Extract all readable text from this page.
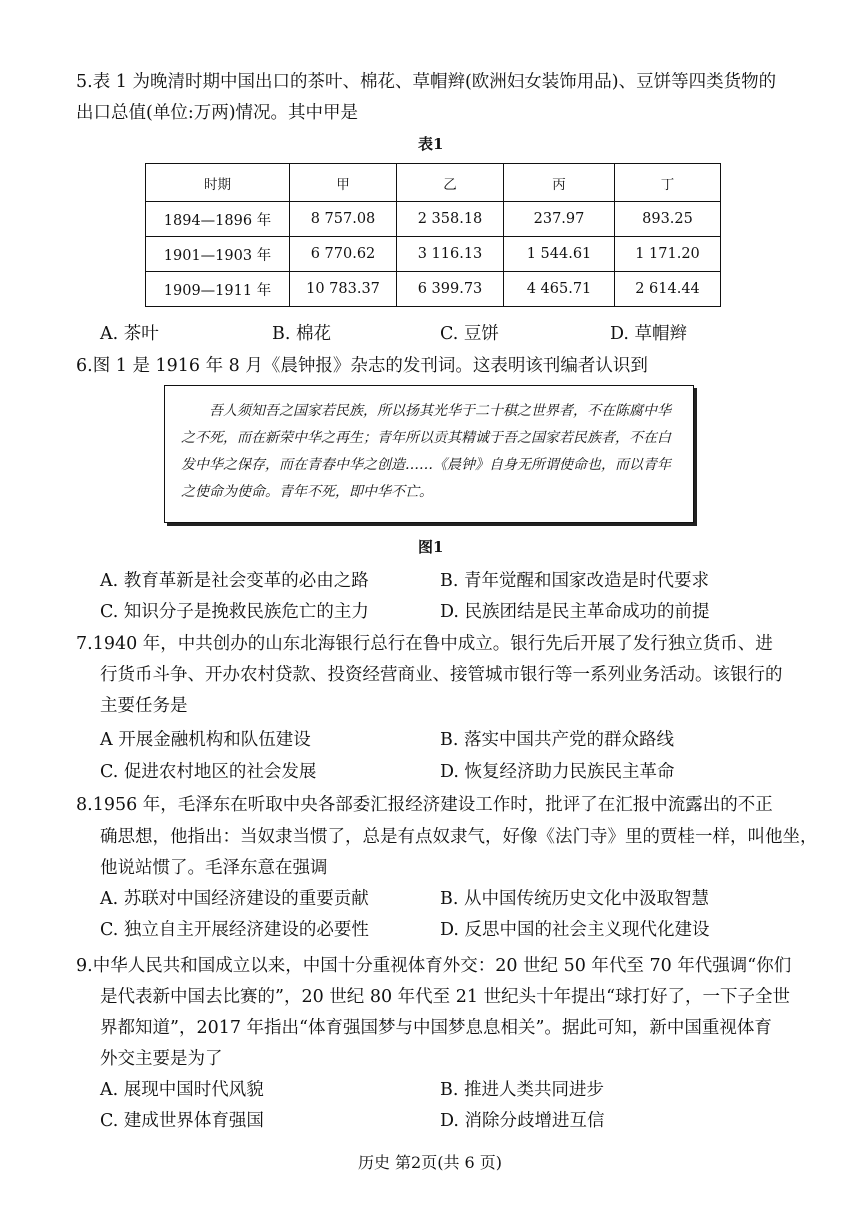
5.表 1 为晚清时期中国出口的茶叶、棉花、草帽辫(欧洲妇女装饰用品)、豆饼等四类货物的
出口总值(单位:万两)情况。其中甲是
表1
时期	甲	乙	丙	丁
1894—1896 年	8 757.08	2 358.18	237.97	893.25
1901—1903 年	6 770.62	3 116.13	1 544.61	1 171.20
1909—1911 年	10 783.37	6 399.73	4 465.71	2 614.44
A. 茶叶	B. 棉花	C. 豆饼	D. 草帽辫
6.图 1 是 1916 年 8 月《晨钟报》杂志的发刊词。这表明该刊编者认识到

吾人须知吾之国家若民族，所以扬其光华于二十稘之世界者，不在陈腐中华之不死，而在新荣中华之再生；青年所以贡其精诚于吾之国家若民族者，不在白发中华之保存，而在青春中华之创造……《晨钟》自身无所谓使命也，而以青年之使命为使命。青年不死，即中华不亡。

图1
A. 教育革新是社会变革的必由之路	B. 青年觉醒和国家改造是时代要求
C. 知识分子是挽救民族危亡的主力	D. 民族团结是民主革命成功的前提
7.1940 年，中共创办的山东北海银行总行在鲁中成立。银行先后开展了发行独立货币、进
行货币斗争、开办农村贷款、投资经营商业、接管城市银行等一系列业务活动。该银行的
主要任务是
A 开展金融机构和队伍建设	B. 落实中国共产党的群众路线
C. 促进农村地区的社会发展	D. 恢复经济助力民族民主革命
8.1956 年，毛泽东在听取中央各部委汇报经济建设工作时，批评了在汇报中流露出的不正
确思想，他指出：当奴隶当惯了，总是有点奴隶气，好像《法门寺》里的贾桂一样，叫他坐，
他说站惯了。毛泽东意在强调
A. 苏联对中国经济建设的重要贡献	B. 从中国传统历史文化中汲取智慧
C. 独立自主开展经济建设的必要性	D. 反思中国的社会主义现代化建设
9.中华人民共和国成立以来，中国十分重视体育外交：20 世纪 50 年代至 70 年代强调“你们
是代表新中国去比赛的”，20 世纪 80 年代至 21 世纪头十年提出“球打好了，一下子全世
界都知道”，2017 年指出“体育强国梦与中国梦息息相关”。据此可知，新中国重视体育
外交主要是为了
A. 展现中国时代风貌	B. 推进人类共同进步
C. 建成世界体育强国	D. 消除分歧增进互信
历史 第2页(共 6 页)
